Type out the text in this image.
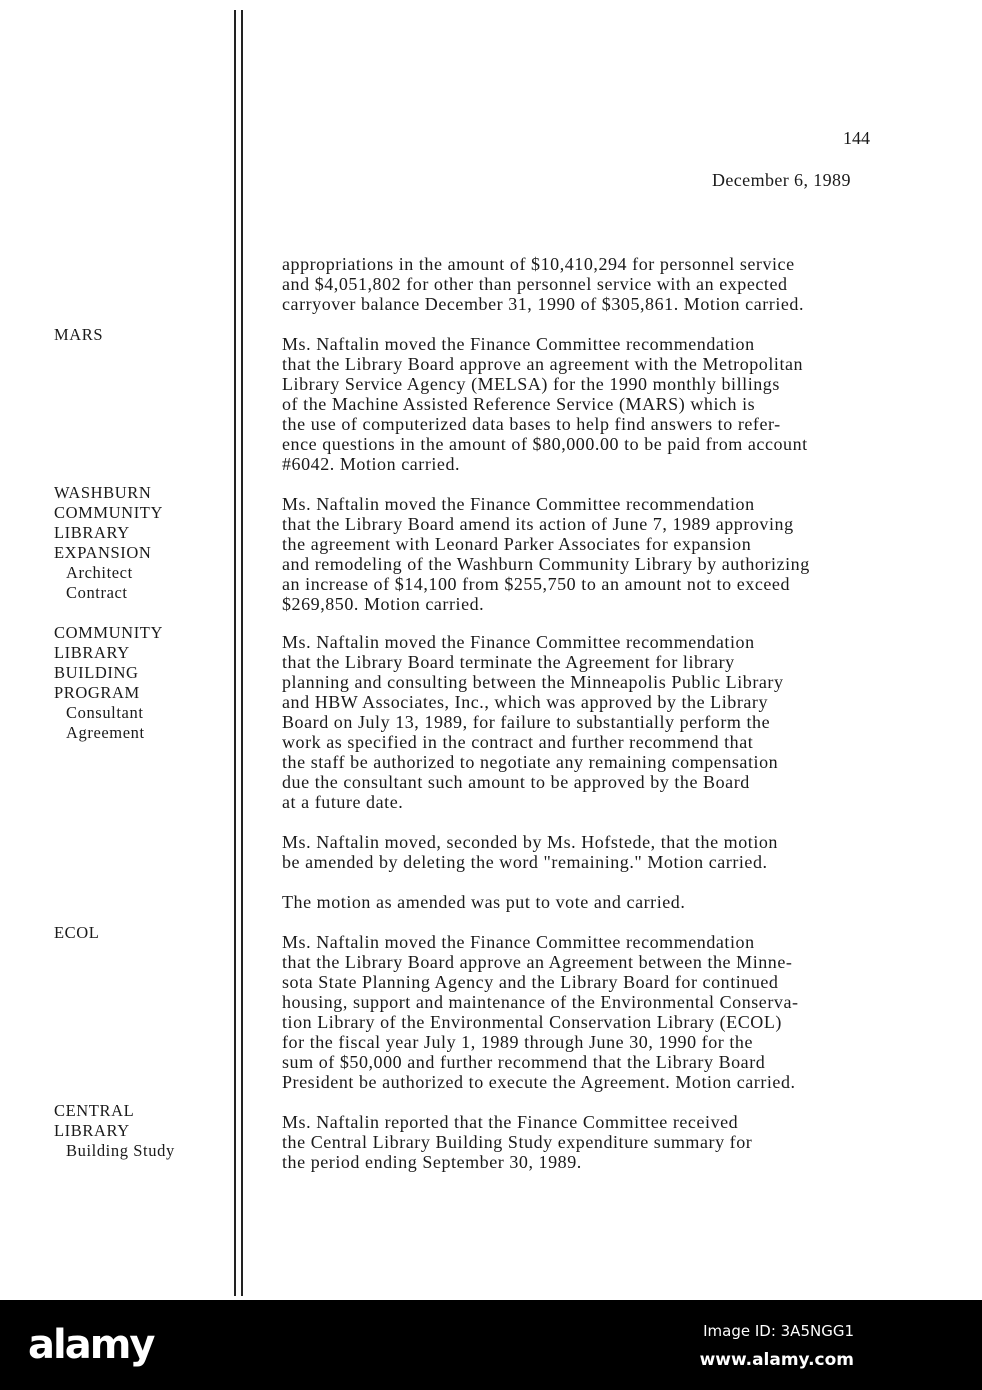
144
December 6, 1989
MARS
WASHBURN
COMMUNITY
LIBRARY
EXPANSION
Architect
Contract
COMMUNITY
LIBRARY
BUILDING
PROGRAM
Consultant
Agreement
ECOL
CENTRAL
LIBRARY
Building Study
appropriations in the amount of $10,410,294 for personnel service
and $4,051,802 for other than personnel service with an expected
carryover balance December 31, 1990 of $305,861. Motion carried.
Ms. Naftalin moved the Finance Committee recommendation
that the Library Board approve an agreement with the Metropolitan
Library Service Agency (MELSA) for the 1990 monthly billings
of the Machine Assisted Reference Service (MARS) which is
the use of computerized data bases to help find answers to refer-
ence questions in the amount of $80,000.00 to be paid from account
#6042. Motion carried.
Ms. Naftalin moved the Finance Committee recommendation
that the Library Board amend its action of June 7, 1989 approving
the agreement with Leonard Parker Associates for expansion
and remodeling of the Washburn Community Library by authorizing
an increase of $14,100 from $255,750 to an amount not to exceed
$269,850. Motion carried.
Ms. Naftalin moved the Finance Committee recommendation
that the Library Board terminate the Agreement for library
planning and consulting between the Minneapolis Public Library
and HBW Associates, Inc., which was approved by the Library
Board on July 13, 1989, for failure to substantially perform the
work as specified in the contract and further recommend that
the staff be authorized to negotiate any remaining compensation
due the consultant such amount to be approved by the Board
at a future date.
Ms. Naftalin moved, seconded by Ms. Hofstede, that the motion
be amended by deleting the word "remaining." Motion carried.
The motion as amended was put to vote and carried.
Ms. Naftalin moved the Finance Committee recommendation
that the Library Board approve an Agreement between the Minne-
sota State Planning Agency and the Library Board for continued
housing, support and maintenance of the Environmental Conserva-
tion Library of the Environmental Conservation Library (ECOL)
for the fiscal year July 1, 1989 through June 30, 1990 for the
sum of $50,000 and further recommend that the Library Board
President be authorized to execute the Agreement. Motion carried.
Ms. Naftalin reported that the Finance Committee received
the Central Library Building Study expenditure summary for
the period ending September 30, 1989.
alamy	Image ID: 3A5NGG1
www.alamy.com
